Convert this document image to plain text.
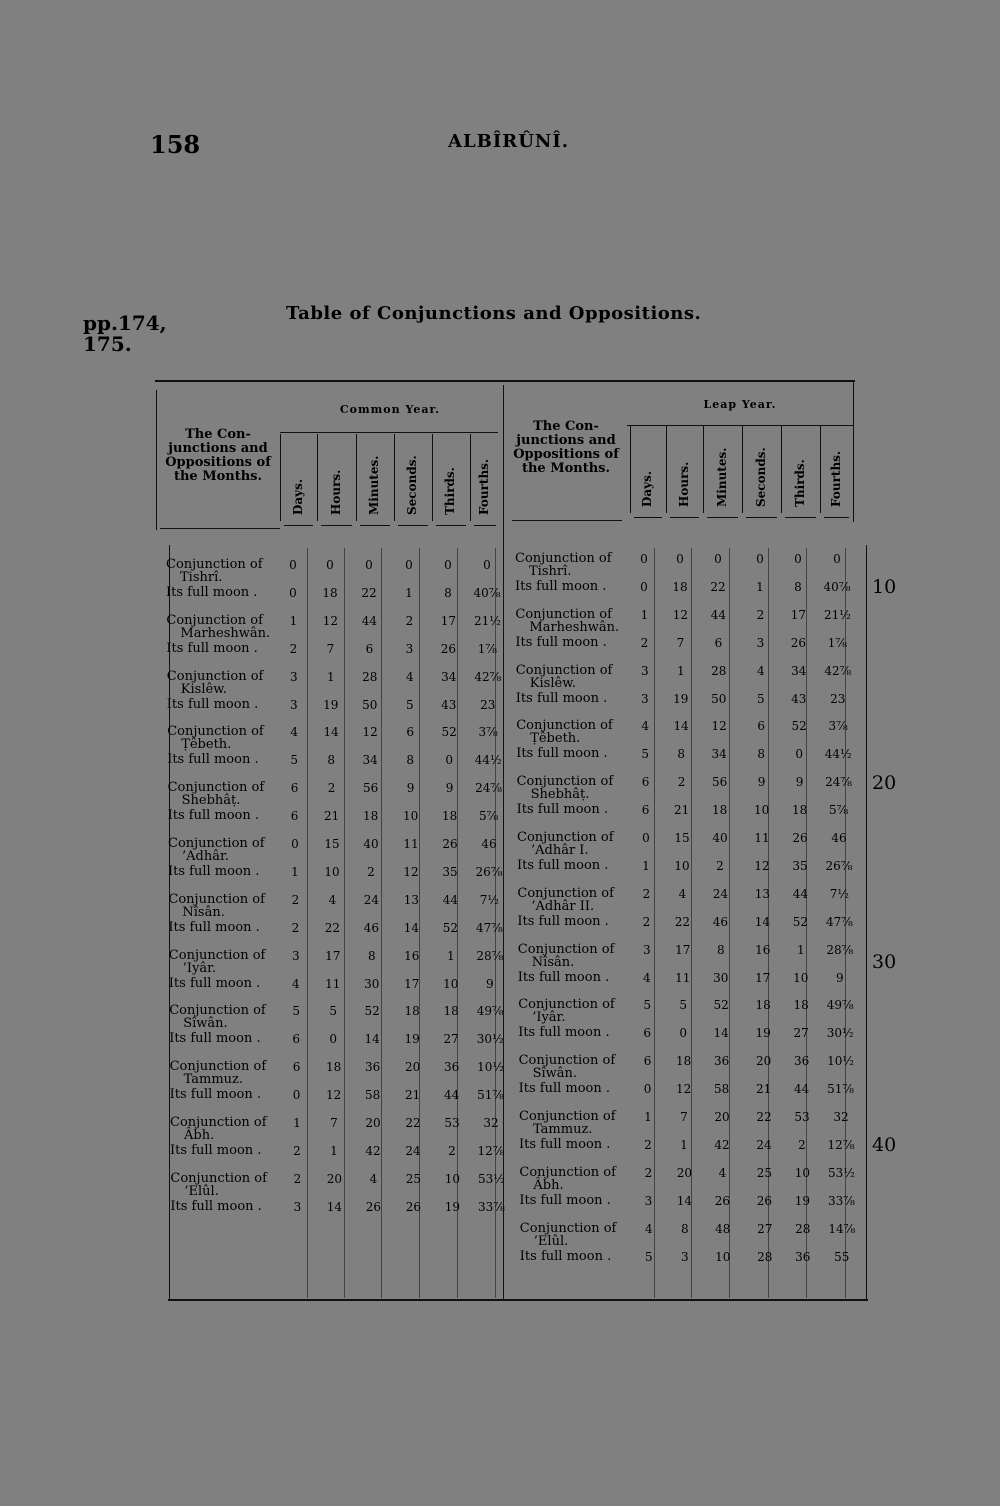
158	ALBÎRÛNÎ.
pp.174,
175.
Table of Conjunctions and Oppositions.
Common Year.	Leap Year.
The Con-junctions and Oppositions of the Months.
The Con-junctions and Oppositions of the Months.
Days. Hours. Minutes. Seconds. Thirds. Fourths.	Days. Hours. Minutes. Seconds. Thirds. Fourths.
Conjunction of
Tishrî.
0	0	0	0	0	0
Its full moon .	0	18	22	1	8	40⅞
Conjunction of
Marheshwân.
1	12	44	2	17	21½
Its full moon .	2	7	6	3	26	1⅞
Conjunction of
Kislêw.
3	1	28	4	34	42⅞
Its full moon .	3	19	50	5	43	23
Conjunction of
Ṭêbeth.
4	14	12	6	52	3⅞
Its full moon .	5	8	34	8	0	44½
Conjunction of
Shebhâṭ.
6	2	56	9	9	24⅞
Its full moon .	6	21	18	10	18	5⅞
Conjunction of
’Adhâr.
0	15	40	11	26	46
Its full moon .	1	10	2	12	35	26⅞
Conjunction of
Nîsân.
2	4	24	13	44	7½
Its full moon .	2	22	46	14	52	47⅞
Conjunction of
’Iyâr.
3	17	8	16	1	28⅞
Its full moon .	4	11	30	17	10	9
Conjunction of
Sîwân.
5	5	52	18	18	49⅞
Its full moon .	6	0	14	19	27	30½
Conjunction of
Tammuz.
6	18	36	20	36	10½
Its full moon .	0	12	58	21	44	51⅞
Conjunction of
Âbh.
1	7	20	22	53	32
Its full moon .	2	1	42	24	2	12⅞
Conjunction of
’Elûl.
2	20	4	25	10	53½
Its full moon .	3	14	26	26	19	33⅞
Conjunction of
Tishrî.
0	0	0	0	0	0
Its full moon .	0	18	22	1	8	40⅞
Conjunction of
Marheshwân.
1	12	44	2	17	21½
Its full moon .	2	7	6	3	26	1⅞
Conjunction of
Kislêw.
3	1	28	4	34	42⅞
Its full moon .	3	19	50	5	43	23
Conjunction of
Ṭêbeth.
4	14	12	6	52	3⅞
Its full moon .	5	8	34	8	0	44½
Conjunction of
Shebhâṭ.
6	2	56	9	9	24⅞
Its full moon .	6	21	18	10	18	5⅞
Conjunction of
’Adhâr I.
0	15	40	11	26	46
Its full moon .	1	10	2	12	35	26⅞
Conjunction of
’Adhâr II.
2	4	24	13	44	7½
Its full moon .	2	22	46	14	52	47⅞
Conjunction of
Nîsân.
3	17	8	16	1	28⅞
Its full moon .	4	11	30	17	10	9
Conjunction of
’Iyâr.
5	5	52	18	18	49⅞
Its full moon .	6	0	14	19	27	30½
Conjunction of
Sîwân.
6	18	36	20	36	10½
Its full moon .	0	12	58	21	44	51⅞
Conjunction of
Tammuz.
1	7	20	22	53	32
Its full moon .	2	1	42	24	2	12⅞
Conjunction of
Âbh.
2	20	4	25	10	53½
Its full moon .	3	14	26	26	19	33⅞
Conjunction of
’Elûl.
4	8	48	27	28	14⅞
Its full moon .	5	3	10	28	36	55
10
20
30
40
